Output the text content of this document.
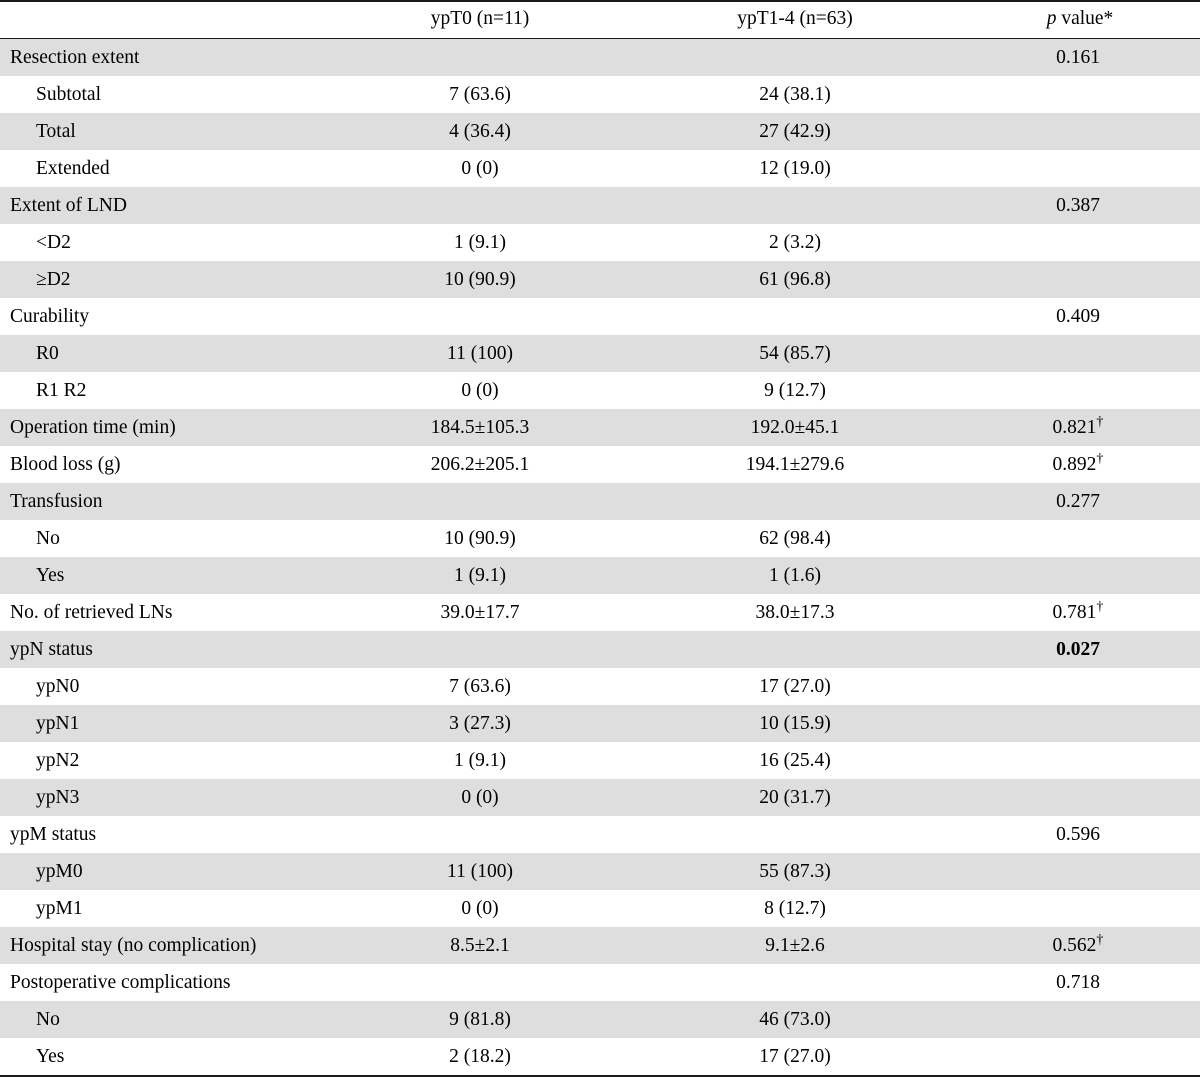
	ypT0 (n=11)	ypT1-4 (n=63)	p value*
Resection extent			0.161
Subtotal	7 (63.6)	24 (38.1)	
Total	4 (36.4)	27 (42.9)	
Extended	0 (0)	12 (19.0)	
Extent of LND			0.387
<D2	1 (9.1)	2 (3.2)	
≥D2	10 (90.9)	61 (96.8)	
Curability			0.409
R0	11 (100)	54 (85.7)	
R1 R2	0 (0)	9 (12.7)	
Operation time (min)	184.5±105.3	192.0±45.1	0.821†
Blood loss (g)	206.2±205.1	194.1±279.6	0.892†
Transfusion			0.277
No	10 (90.9)	62 (98.4)	
Yes	1 (9.1)	1 (1.6)	
No. of retrieved LNs	39.0±17.7	38.0±17.3	0.781†
ypN status			0.027
ypN0	7 (63.6)	17 (27.0)	
ypN1	3 (27.3)	10 (15.9)	
ypN2	1 (9.1)	16 (25.4)	
ypN3	0 (0)	20 (31.7)	
ypM status			0.596
ypM0	11 (100)	55 (87.3)	
ypM1	0 (0)	8 (12.7)	
Hospital stay (no complication)	8.5±2.1	9.1±2.6	0.562†
Postoperative complications			0.718
No	9 (81.8)	46 (73.0)	
Yes	2 (18.2)	17 (27.0)	
